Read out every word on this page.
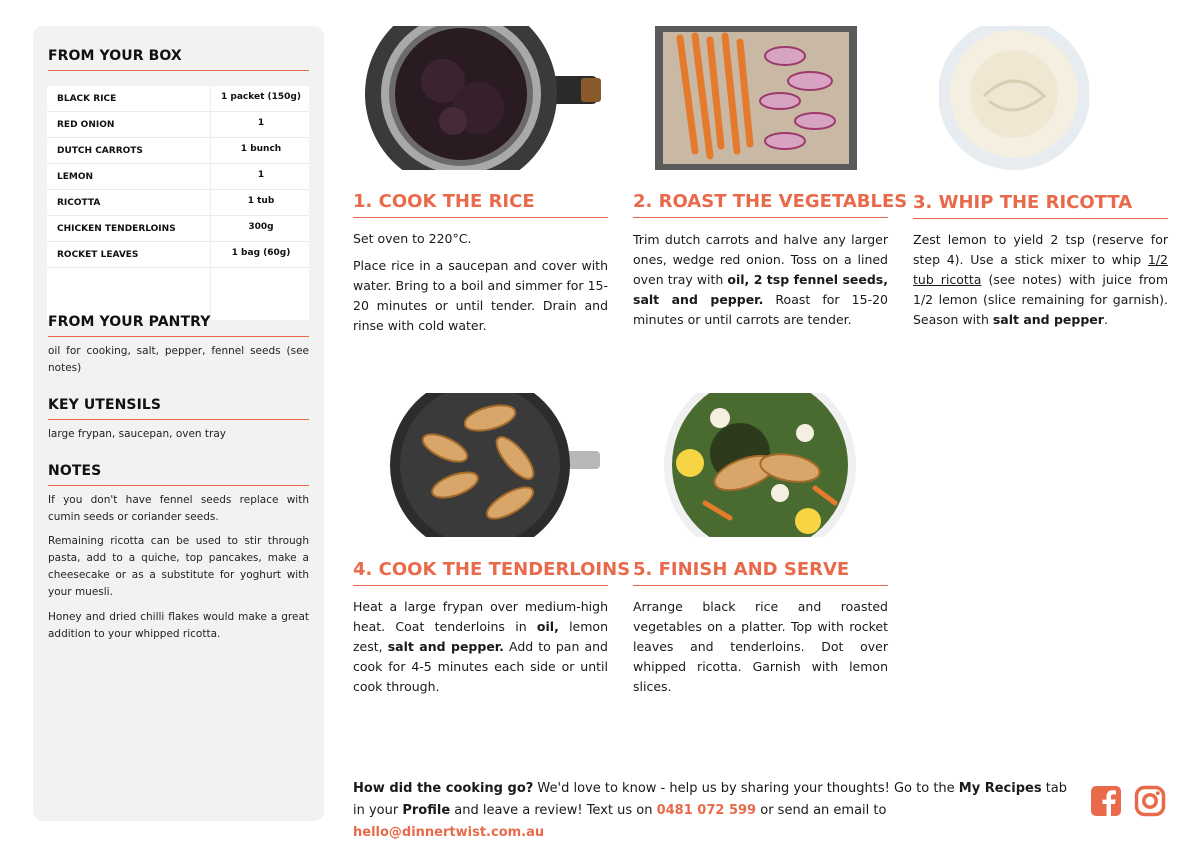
FROM YOUR BOX
BLACK RICE	1 packet (150g)
RED ONION	1
DUTCH CARROTS	1 bunch
LEMON	1
RICOTTA	1 tub
CHICKEN TENDERLOINS	300g
ROCKET LEAVES	1 bag (60g)
FROM YOUR PANTRY
oil for cooking, salt, pepper, fennel seeds (see notes)
KEY UTENSILS
large frypan, saucepan, oven tray
NOTES
If you don't have fennel seeds replace with cumin seeds or coriander seeds.
Remaining ricotta can be used to stir through pasta, add to a quiche, top pancakes, make a cheesecake or as a substitute for yoghurt with your muesli.
Honey and dried chilli flakes would make a great addition to your whipped ricotta.
1. COOK THE RICE

Set oven to 220°C.

Place rice in a saucepan and cover with water. Bring to a boil and simmer for 15-20 minutes or until tender. Drain and rinse with cold water.

2. ROAST THE VEGETABLES
Trim dutch carrots and halve any larger ones, wedge red onion. Toss on a lined oven tray with oil, 2 tsp fennel seeds, salt and pepper. Roast for 15-20 minutes or until carrots are tender.
3. WHIP THE RICOTTA
Zest lemon to yield 2 tsp (reserve for step 4). Use a stick mixer to whip 1/2 tub ricotta (see notes) with juice from 1/2 lemon (slice remaining for garnish). Season with salt and pepper.
4. COOK THE TENDERLOINS
Heat a large frypan over medium-high heat. Coat tenderloins in oil, lemon zest, salt and pepper. Add to pan and cook for 4-5 minutes each side or until cook through.
5. FINISH AND SERVE

Arrange black rice and roasted vegetables on a platter. Top with rocket leaves and tenderloins. Dot over whipped ricotta. Garnish with lemon slices.

How did the cooking go? We'd love to know - help us by sharing your thoughts! Go to the My Recipes tab in your Profile and leave a review! Text us on 0481 072 599 or send an email to hello@dinnertwist.com.au
